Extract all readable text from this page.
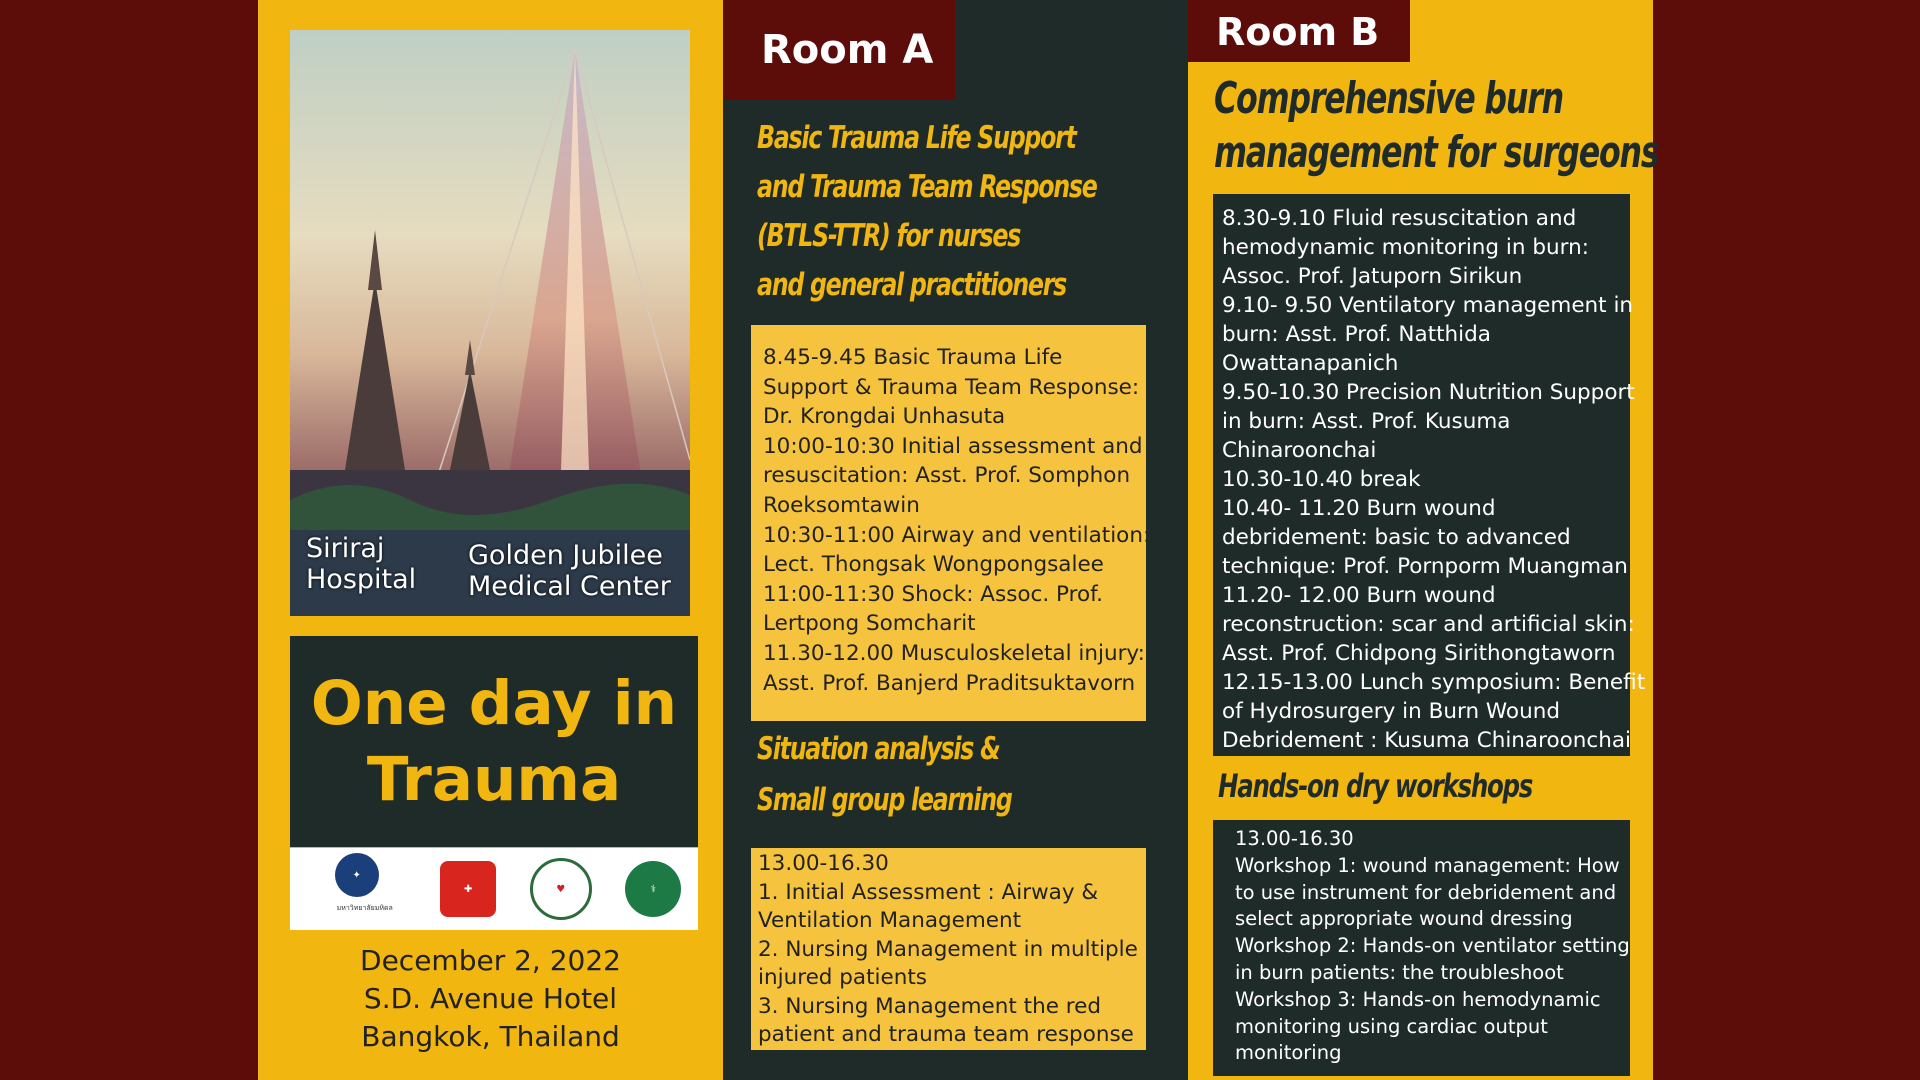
Siriraj
Hospital
Golden Jubilee
Medical Center
One day in
Trauma
✦
มหาวิทยาลัยมหิดล
✚	♥	⚕
December 2, 2022
S.D. Avenue Hotel
Bangkok, Thailand
Room A
Basic Trauma Life Support
and Trauma Team Response
(BTLS-TTR) for nurses
and general practitioners
8.45-9.45 Basic Trauma Life
Support & Trauma Team Response:
Dr. Krongdai Unhasuta
10:00-10:30 Initial assessment and
resuscitation: Asst. Prof. Somphon
Roeksomtawin
10:30-11:00 Airway and ventilation:
Lect. Thongsak Wongpongsalee
11:00-11:30 Shock: Assoc. Prof.
Lertpong Somcharit
11.30-12.00 Musculoskeletal injury:
Asst. Prof. Banjerd Praditsuktavorn
Situation analysis &
Small group learning
13.00-16.30
1. Initial Assessment : Airway &
Ventilation Management
2. Nursing Management in multiple
injured patients
3. Nursing Management the red
patient and trauma team response
Room B
Comprehensive burn
management for surgeons
8.30-9.10 Fluid resuscitation and
hemodynamic monitoring in burn:
Assoc. Prof. Jatuporn Sirikun
9.10- 9.50 Ventilatory management in
burn: Asst. Prof. Natthida
Owattanapanich
9.50-10.30 Precision Nutrition Support
in burn: Asst. Prof. Kusuma
Chinaroonchai
10.30-10.40 break
10.40- 11.20 Burn wound
debridement: basic to advanced
technique: Prof. Pornporm Muangman
11.20- 12.00 Burn wound
reconstruction: scar and artificial skin:
Asst. Prof. Chidpong Sirithongtaworn
12.15-13.00 Lunch symposium: Benefit
of Hydrosurgery in Burn Wound
Debridement : Kusuma Chinaroonchai
Hands-on dry workshops
13.00-16.30
Workshop 1: wound management: How
to use instrument for debridement and
select appropriate wound dressing
Workshop 2: Hands-on ventilator setting
in burn patients: the troubleshoot
Workshop 3: Hands-on hemodynamic
monitoring using cardiac output
monitoring
